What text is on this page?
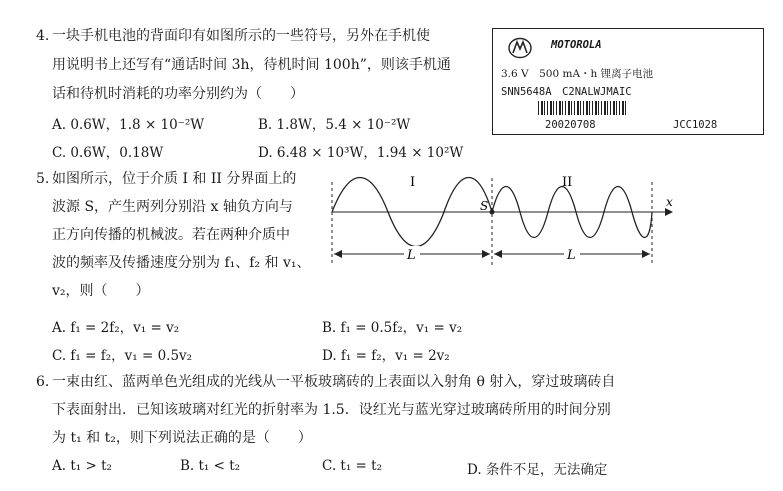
4. 一块手机电池的背面印有如图所示的一些符号，另外在手机使
用说明书上还写有“通话时间 3h，待机时间 100h”，则该手机通
话和待机时消耗的功率分别约为（　　）
A. 0.6W，1.8 × 10⁻²W	B. 1.8W，5.4 × 10⁻²W
C. 0.6W，0.18W	D. 6.48 × 10³W，1.94 × 10²W
MOTOROLA
3.6 V　500 mA・h 锂离子电池
SNN5648A　C2NALWJMAIC
20020708	JCC1028
5. 如图所示，位于介质 I 和 II 分界面上的
波源 S，产生两列分别沿 x 轴负方向与
正方向传播的机械波。若在两种介质中
波的频率及传播速度分别为 f₁、f₂ 和 v₁、
v₂，则（　　）
A. f₁ = 2f₂，v₁ = v₂	B. f₁ = 0.5f₂，v₁ = v₂
C. f₁ = f₂，v₁ = 0.5v₂	D. f₁ = f₂，v₁ = 2v₂
x
S
I	II
L	L
6. 一束由红、蓝两单色光组成的光线从一平板玻璃砖的上表面以入射角 θ 射入，穿过玻璃砖自
下表面射出．已知该玻璃对红光的折射率为 1.5．设红光与蓝光穿过玻璃砖所用的时间分别
为 t₁ 和 t₂，则下列说法正确的是（　　）
A. t₁ > t₂	B. t₁ < t₂	C. t₁ = t₂	D. 条件不足，无法确定
